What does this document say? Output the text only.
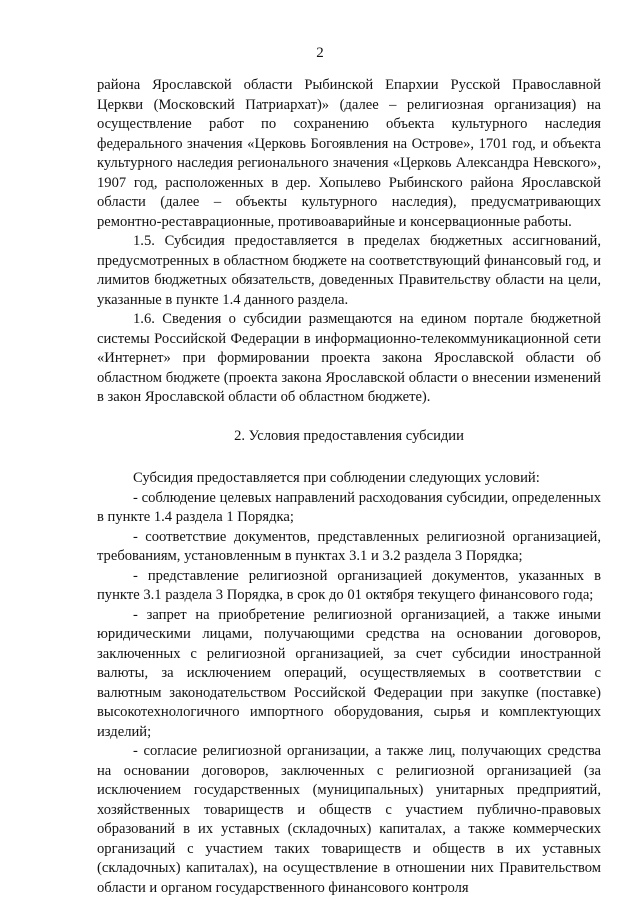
2

района Ярославской области Рыбинской Епархии Русской Православной Церкви (Московский Патриархат)» (далее – религиозная организация) на осуществление работ по сохранению объекта культурного наследия федерального значения «Церковь Богоявления на Острове», 1701 год, и объекта культурного наследия регионального значения «Церковь Александра Невского», 1907 год, расположенных в дер. Хопылево Рыбинского района Ярославской области (далее – объекты культурного наследия), предусматривающих ремонтно-реставрационные, противоаварийные и консервационные работы.

1.5. Субсидия предоставляется в пределах бюджетных ассигнований, предусмотренных в областном бюджете на соответствующий финансовый год, и лимитов бюджетных обязательств, доведенных Правительству области на цели, указанные в пункте 1.4 данного раздела.

1.6. Сведения о субсидии размещаются на едином портале бюджетной системы Российской Федерации в информационно-телекоммуникационной сети «Интернет» при формировании проекта закона Ярославской области об областном бюджете (проекта закона Ярославской области о внесении изменений в закон Ярославской области об областном бюджете).

2. Условия предоставления субсидии

Субсидия предоставляется при соблюдении следующих условий:

- соблюдение целевых направлений расходования субсидии, определенных в пункте 1.4 раздела 1 Порядка;

- соответствие документов, представленных религиозной организацией, требованиям, установленным в пунктах 3.1 и 3.2 раздела 3 Порядка;

- представление религиозной организацией документов, указанных в пункте 3.1 раздела 3 Порядка, в срок до 01 октября текущего финансового года;

- запрет на приобретение религиозной организацией, а также иными юридическими лицами, получающими средства на основании договоров, заключенных с религиозной организацией, за счет субсидии иностранной валюты, за исключением операций, осуществляемых в соответствии с валютным законодательством Российской Федерации при закупке (поставке) высокотехнологичного импортного оборудования, сырья и комплектующих изделий;

- согласие религиозной организации, а также лиц, получающих средства на основании договоров, заключенных с религиозной организацией (за исключением государственных (муниципальных) унитарных предприятий, хозяйственных товариществ и обществ с участием публично-правовых образований в их уставных (складочных) капиталах, а также коммерческих организаций с участием таких товариществ и обществ в их уставных (складочных) капиталах), на осуществление в отношении них Правительством области и органом государственного финансового контроля
